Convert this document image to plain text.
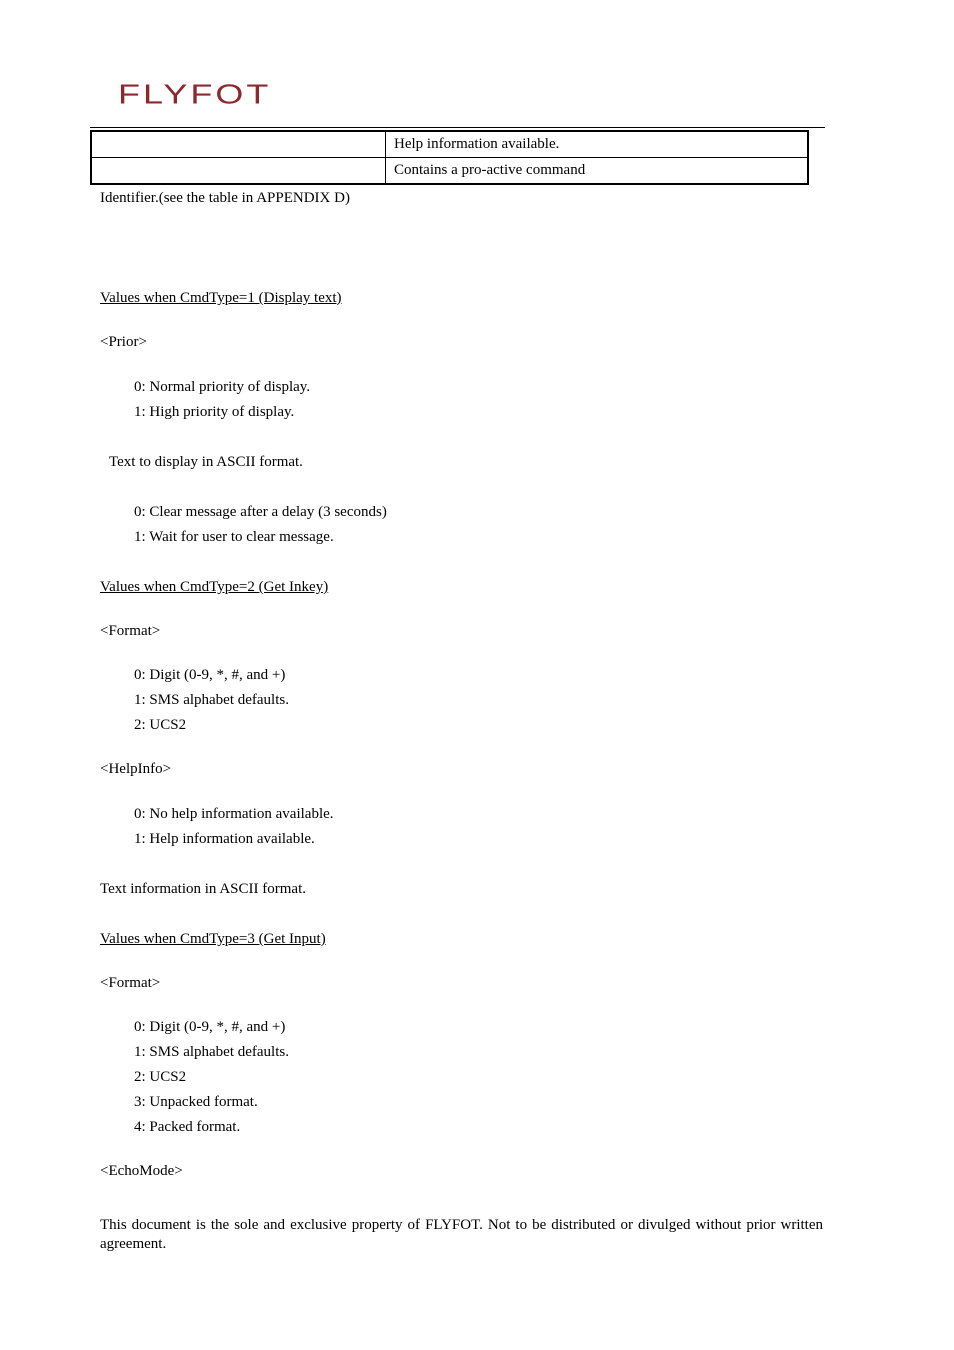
FLYFOT
	Help information available.
	Contains a pro-active command
Identifier.(see the table in APPENDIX D)
Values when CmdType=1 (Display text)
<Prior>
0: Normal priority of display.
1: High priority of display.
Text to display in ASCII format.
0: Clear message after a delay (3 seconds)
1: Wait for user to clear message.
Values when CmdType=2 (Get Inkey)
<Format>
0: Digit (0-9, *, #, and +)
1: SMS alphabet defaults.
2: UCS2
<HelpInfo>
0: No help information available.
1: Help information available.
Text information in ASCII format.
Values when CmdType=3 (Get Input)
<Format>
0: Digit (0-9, *, #, and +)
1: SMS alphabet defaults.
2: UCS2
3: Unpacked format.
4: Packed format.
<EchoMode>
This document is the sole and exclusive property of FLYFOT. Not to be distributed or divulged without prior written agreement.
